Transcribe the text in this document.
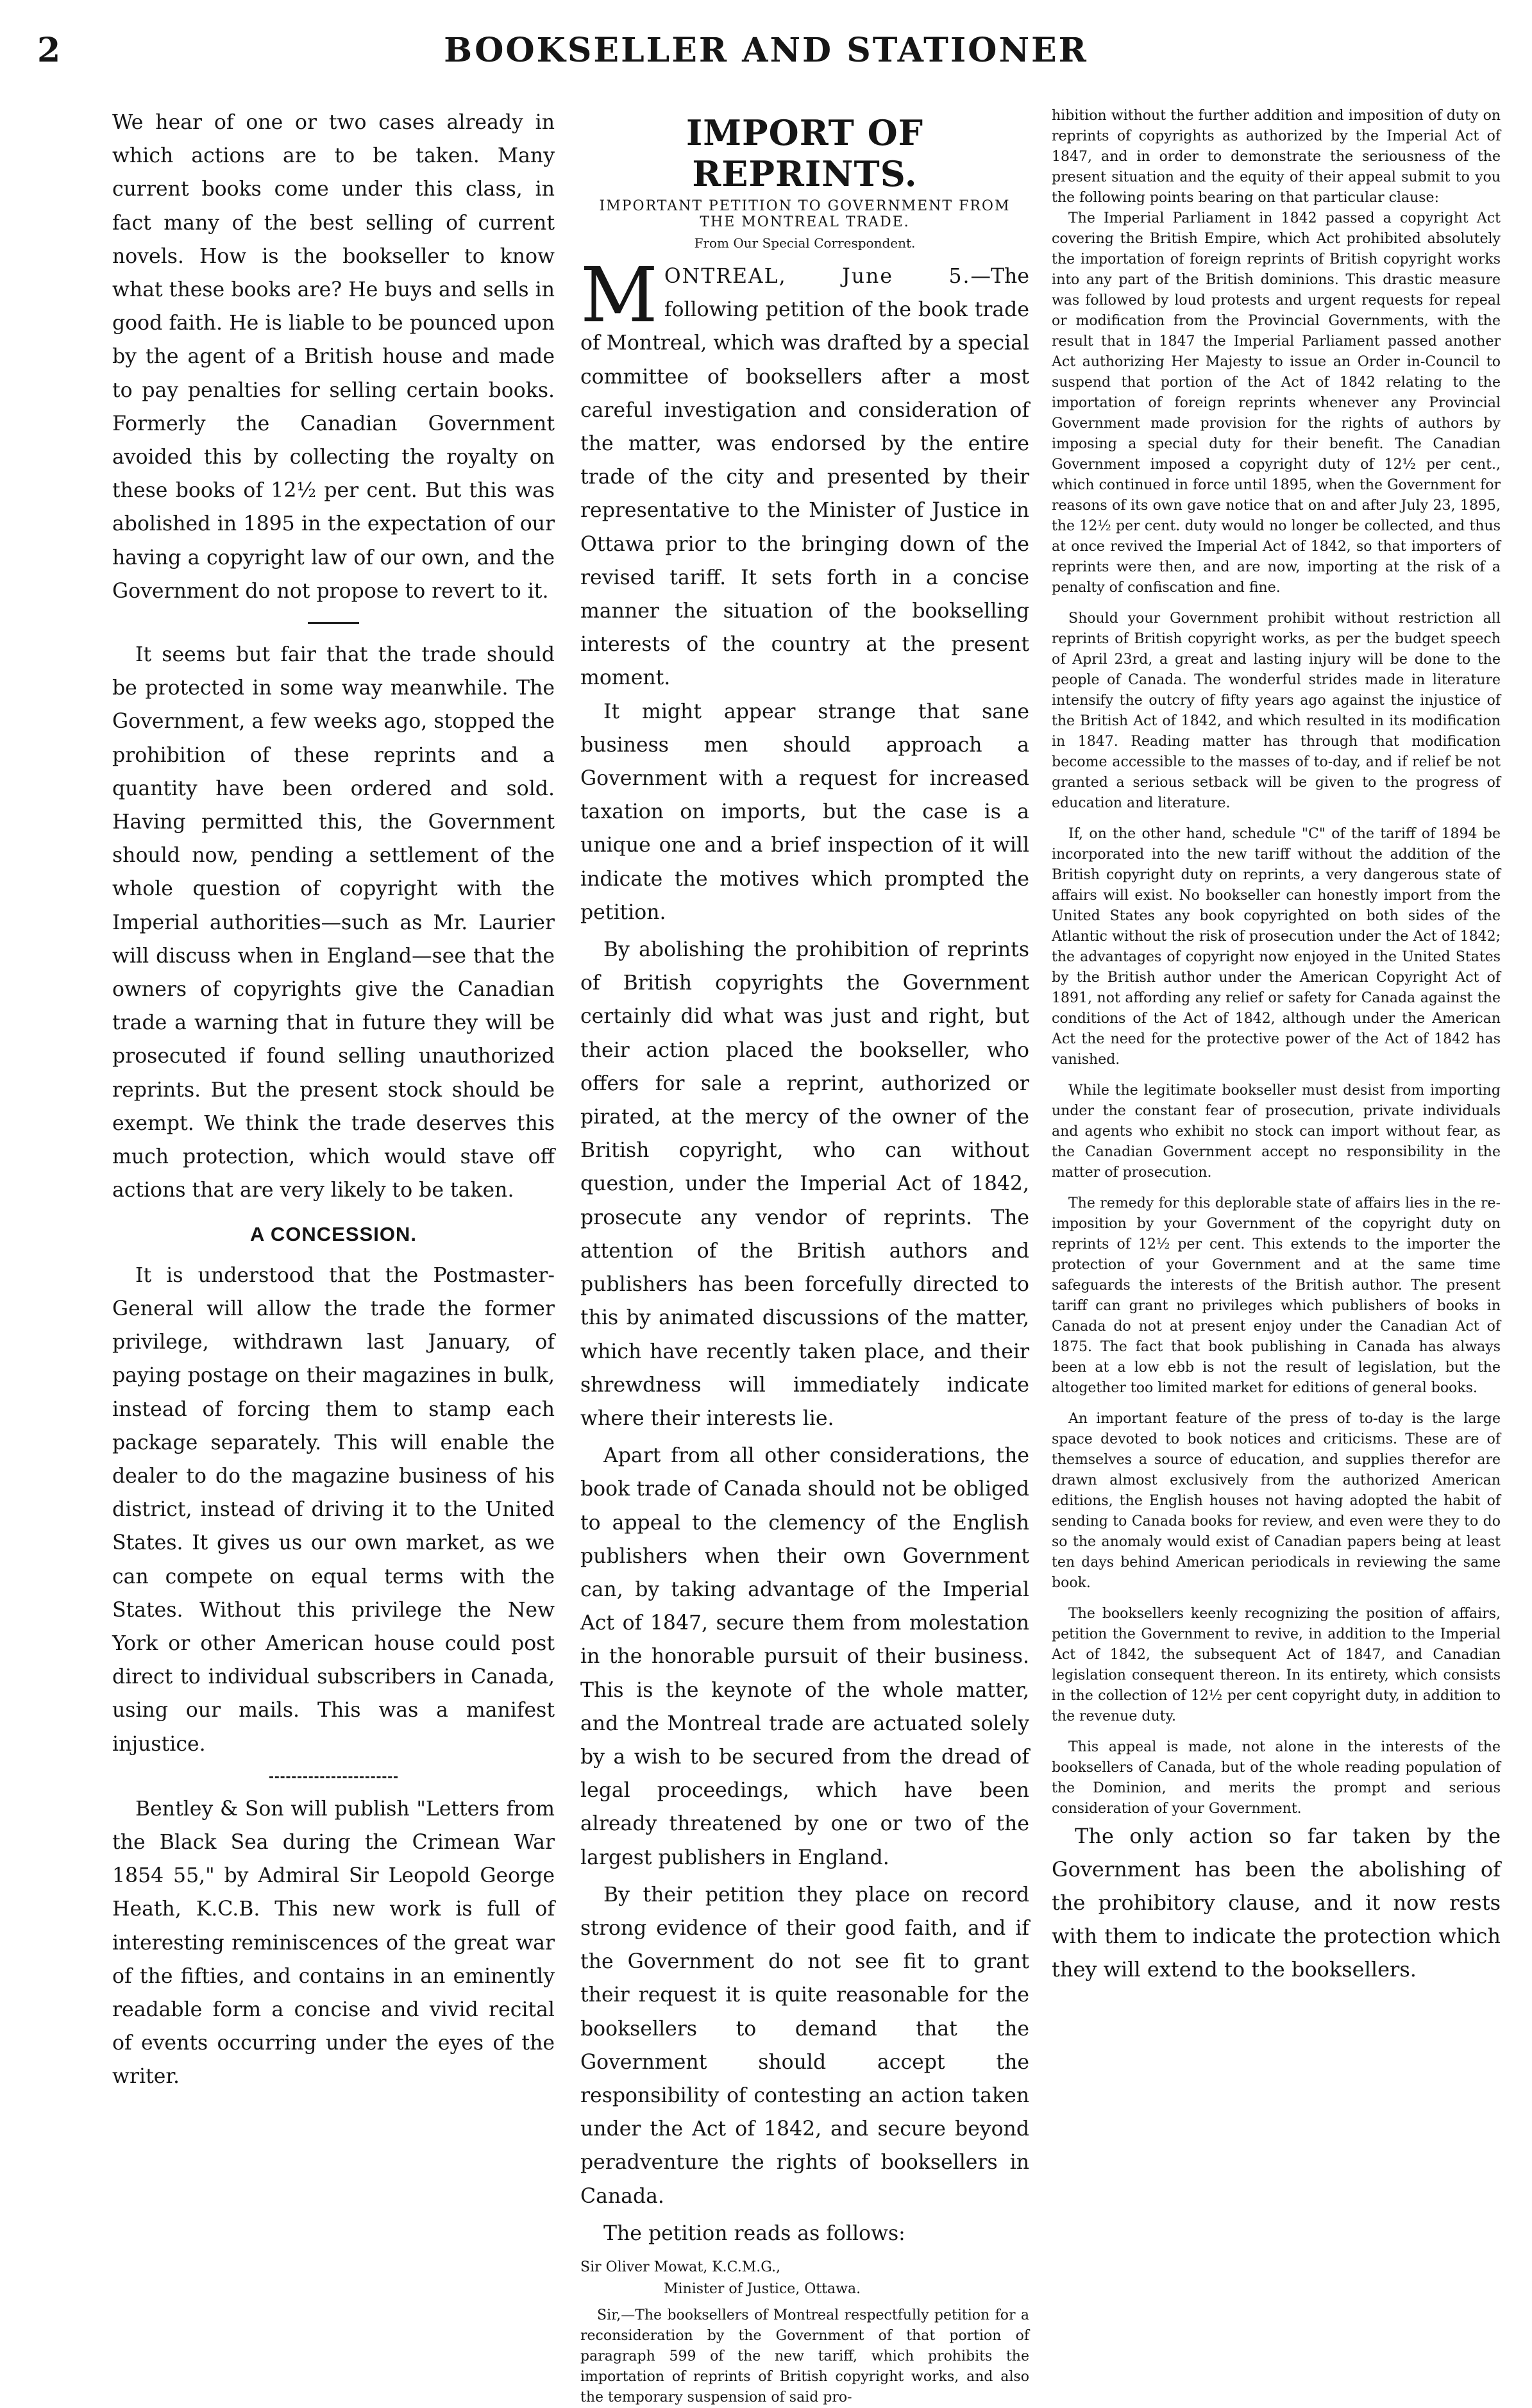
2	BOOKSELLER AND STATIONER

We hear of one or two cases already in which actions are to be taken. Many current books come under this class, in fact many of the best selling of current novels. How is the bookseller to know what these books are? He buys and sells in good faith. He is liable to be pounced upon by the agent of a British house and made to pay penalties for selling certain books. Formerly the Canadian Government avoided this by collecting the royalty on these books of 12½ per cent. But this was abolished in 1895 in the expectation of our having a copyright law of our own, and the Government do not propose to revert to it.

It seems but fair that the trade should be protected in some way meanwhile. The Government, a few weeks ago, stopped the prohibition of these reprints and a quantity have been ordered and sold. Having permitted this, the Government should now, pending a settlement of the whole question of copyright with the Imperial authorities—such as Mr. Laurier will discuss when in England—see that the owners of copyrights give the Canadian trade a warning that in future they will be prosecuted if found selling unauthorized reprints. But the present stock should be exempt. We think the trade deserves this much protection, which would stave off actions that are very likely to be taken.

A CONCESSION.

It is understood that the Postmaster-General will allow the trade the former privilege, withdrawn last January, of paying postage on their magazines in bulk, instead of forcing them to stamp each package separately. This will enable the dealer to do the magazine business of his district, instead of driving it to the United States. It gives us our own market, as we can compete on equal terms with the States. Without this privilege the New York or other American house could post direct to individual subscribers in Canada, using our mails. This was a manifest injustice.

Bentley & Son will publish "Letters from the Black Sea during the Crimean War 1854 55," by Admiral Sir Leopold George Heath, K.C.B. This new work is full of interesting reminiscences of the great war of the fifties, and contains in an eminently readable form a concise and vivid recital of events occurring under the eyes of the writer.

IMPORT OF REPRINTS.
IMPORTANT PETITION TO GOVERNMENT FROM THE MONTREAL TRADE.
From Our Special Correspondent.

MONTREAL, June 5.—The following petition of the book trade of Montreal, which was drafted by a special committee of booksellers after a most careful investigation and consideration of the matter, was endorsed by the entire trade of the city and presented by their representative to the Minister of Justice in Ottawa prior to the bringing down of the revised tariff. It sets forth in a concise manner the situation of the bookselling interests of the country at the present moment.

It might appear strange that sane business men should approach a Government with a request for increased taxation on imports, but the case is a unique one and a brief inspection of it will indicate the motives which prompted the petition.

By abolishing the prohibition of reprints of British copyrights the Government certainly did what was just and right, but their action placed the bookseller, who offers for sale a reprint, authorized or pirated, at the mercy of the owner of the British copyright, who can without question, under the Imperial Act of 1842, prosecute any vendor of reprints. The attention of the British authors and publishers has been forcefully directed to this by animated discussions of the matter, which have recently taken place, and their shrewdness will immediately indicate where their interests lie.

Apart from all other considerations, the book trade of Canada should not be obliged to appeal to the clemency of the English publishers when their own Government can, by taking advantage of the Imperial Act of 1847, secure them from molestation in the honorable pursuit of their business. This is the keynote of the whole matter, and the Montreal trade are actuated solely by a wish to be secured from the dread of legal proceedings, which have been already threatened by one or two of the largest publishers in England.

By their petition they place on record strong evidence of their good faith, and if the Government do not see fit to grant their request it is quite reasonable for the booksellers to demand that the Government should accept the responsibility of contesting an action taken under the Act of 1842, and secure beyond peradventure the rights of booksellers in Canada.

The petition reads as follows:

Sir Oliver Mowat, K.C.M.G.,
Minister of Justice, Ottawa.

Sir,—The booksellers of Montreal respectfully petition for a reconsideration by the Government of that portion of paragraph 599 of the new tariff, which prohibits the importation of reprints of British copyright works, and also the temporary suspension of said pro-

hibition without the further addition and imposition of duty on reprints of copyrights as authorized by the Imperial Act of 1847, and in order to demonstrate the seriousness of the present situation and the equity of their appeal submit to you the following points bearing on that particular clause:

The Imperial Parliament in 1842 passed a copyright Act covering the British Empire, which Act prohibited absolutely the importation of foreign reprints of British copyright works into any part of the British dominions. This drastic measure was followed by loud protests and urgent requests for repeal or modification from the Provincial Governments, with the result that in 1847 the Imperial Parliament passed another Act authorizing Her Majesty to issue an Order in-Council to suspend that portion of the Act of 1842 relating to the importation of foreign reprints whenever any Provincial Government made provision for the rights of authors by imposing a special duty for their benefit. The Canadian Government imposed a copyright duty of 12½ per cent., which continued in force until 1895, when the Government for reasons of its own gave notice that on and after July 23, 1895, the 12½ per cent. duty would no longer be collected, and thus at once revived the Imperial Act of 1842, so that importers of reprints were then, and are now, importing at the risk of a penalty of confiscation and fine.

Should your Government prohibit without restriction all reprints of British copyright works, as per the budget speech of April 23rd, a great and lasting injury will be done to the people of Canada. The wonderful strides made in literature intensify the outcry of fifty years ago against the injustice of the British Act of 1842, and which resulted in its modification in 1847. Reading matter has through that modification become accessible to the masses of to-day, and if relief be not granted a serious setback will be given to the progress of education and literature.

If, on the other hand, schedule "C" of the tariff of 1894 be incorporated into the new tariff without the addition of the British copyright duty on reprints, a very dangerous state of affairs will exist. No bookseller can honestly import from the United States any book copyrighted on both sides of the Atlantic without the risk of prosecution under the Act of 1842; the advantages of copyright now enjoyed in the United States by the British author under the American Copyright Act of 1891, not affording any relief or safety for Canada against the conditions of the Act of 1842, although under the American Act the need for the protective power of the Act of 1842 has vanished.

While the legitimate bookseller must desist from importing under the constant fear of prosecution, private individuals and agents who exhibit no stock can import without fear, as the Canadian Government accept no responsibility in the matter of prosecution.

The remedy for this deplorable state of affairs lies in the re-imposition by your Government of the copyright duty on reprints of 12½ per cent. This extends to the importer the protection of your Government and at the same time safeguards the interests of the British author. The present tariff can grant no privileges which publishers of books in Canada do not at present enjoy under the Canadian Act of 1875. The fact that book publishing in Canada has always been at a low ebb is not the result of legislation, but the altogether too limited market for editions of general books.

An important feature of the press of to-day is the large space devoted to book notices and criticisms. These are of themselves a source of education, and supplies therefor are drawn almost exclusively from the authorized American editions, the English houses not having adopted the habit of sending to Canada books for review, and even were they to do so the anomaly would exist of Canadian papers being at least ten days behind American periodicals in reviewing the same book.

The booksellers keenly recognizing the position of affairs, petition the Government to revive, in addition to the Imperial Act of 1842, the subsequent Act of 1847, and Canadian legislation consequent thereon. In its entirety, which consists in the collection of 12½ per cent copyright duty, in addition to the revenue duty.

This appeal is made, not alone in the interests of the booksellers of Canada, but of the whole reading population of the Dominion, and merits the prompt and serious consideration of your Government.

The only action so far taken by the Government has been the abolishing of the prohibitory clause, and it now rests with them to indicate the protection which they will extend to the booksellers.
